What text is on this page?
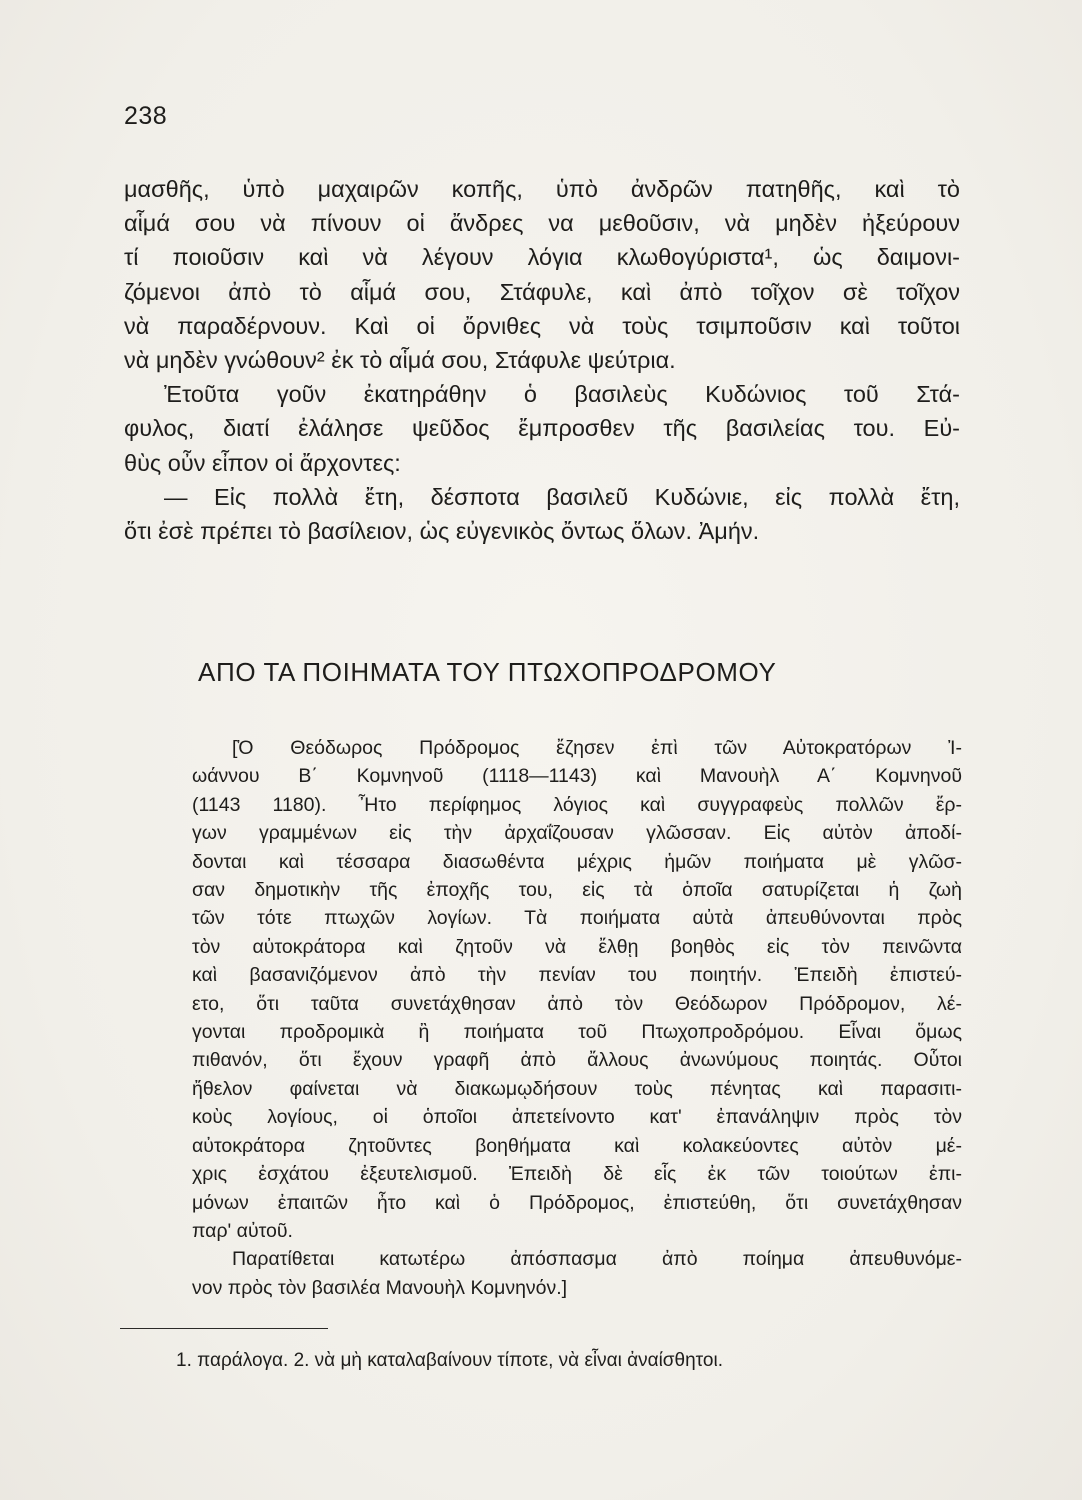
238

μασθῆς, ὑπὸ μαχαιρῶν κοπῆς, ὑπὸ ἀνδρῶν πατηθῆς, καὶ τὸ

αἷμά σου νὰ πίνουν οἱ ἄνδρες να μεθοῦσιν, νὰ μηδὲν ἠξεύρουν

τί ποιοῦσιν καὶ νὰ λέγουν λόγια κλωθογύριστα¹, ὡς δαιμονι-

ζόμενοι ἀπὸ τὸ αἷμά σου, Στάφυλε, καὶ ἀπὸ τοῖχον σὲ τοῖχον

νὰ παραδέρνουν. Καὶ οἱ ὄρνιθες νὰ τοὺς τσιμποῦσιν καὶ τοῦτοι

νὰ μηδὲν γνώθουν² ἐκ τὸ αἷμά σου, Στάφυλε ψεύτρια.

Ἐτοῦτα γοῦν ἐκατηράθην ὁ βασιλεὺς Κυδώνιος τοῦ Στά-

φυλος, διατί ἐλάλησε ψεῦδος ἔμπροσθεν τῆς βασιλείας του. Εὐ-

θὺς οὖν εἶπον οἱ ἄρχοντες:

— Εἰς πολλὰ ἔτη, δέσποτα βασιλεῦ Κυδώνιε, εἰς πολλὰ ἔτη,

ὅτι ἐσὲ πρέπει τὸ βασίλειον, ὡς εὐγενικὸς ὄντως ὅλων. Ἀμήν.

ΑΠΟ ΤΑ ΠΟΙΗΜΑΤΑ ΤΟΥ ΠΤΩΧΟΠΡΟΔΡΟΜΟΥ

[Ὁ Θεόδωρος Πρόδρομος ἔζησεν ἐπὶ τῶν Αὐτοκρατόρων Ἰ-

ωάννου Β΄ Κομνηνοῦ (1118—1143) καὶ Μανουὴλ Α΄ Κομνηνοῦ

(1143 1180). Ἦτο περίφημος λόγιος καὶ συγγραφεὺς πολλῶν ἔρ-

γων γραμμένων εἰς τὴν ἀρχαΐζουσαν γλῶσσαν. Εἰς αὐτὸν ἀποδί-

δονται καὶ τέσσαρα διασωθέντα μέχρις ἡμῶν ποιήματα μὲ γλῶσ-

σαν δημοτικὴν τῆς ἐποχῆς του, εἰς τὰ ὁποῖα σατυρίζεται ἡ ζωὴ

τῶν τότε πτωχῶν λογίων. Τὰ ποιήματα αὐτὰ ἀπευθύνονται πρὸς

τὸν αὐτοκράτορα καὶ ζητοῦν νὰ ἔλθῃ βοηθὸς εἰς τὸν πεινῶντα

καὶ βασανιζόμενον ἀπὸ τὴν πενίαν του ποιητήν. Ἐπειδὴ ἐπιστεύ-

ετο, ὅτι ταῦτα συνετάχθησαν ἀπὸ τὸν Θεόδωρον Πρόδρομον, λέ-

γονται προδρομικὰ ἢ ποιήματα τοῦ Πτωχοπροδρόμου. Εἶναι ὅμως

πιθανόν, ὅτι ἔχουν γραφῆ ἀπὸ ἄλλους ἀνωνύμους ποιητάς. Οὗτοι

ἤθελον φαίνεται νὰ διακωμῳδήσουν τοὺς πένητας καὶ παρασιτι-

κοὺς λογίους, οἱ ὁποῖοι ἀπετείνοντο κατ' ἐπανάληψιν πρὸς τὸν

αὐτοκράτορα ζητοῦντες βοηθήματα καὶ κολακεύοντες αὐτὸν μέ-

χρις ἐσχάτου ἐξευτελισμοῦ. Ἐπειδὴ δὲ εἷς ἐκ τῶν τοιούτων ἐπι-

μόνων ἐπαιτῶν ἦτο καὶ ὁ Πρόδρομος, ἐπιστεύθη, ὅτι συνετάχθησαν

παρ' αὐτοῦ.

Παρατίθεται κατωτέρω ἀπόσπασμα ἀπὸ ποίημα ἀπευθυνόμε-

νον πρὸς τὸν βασιλέα Μανουὴλ Κομνηνόν.]

1. παράλογα. 2. νὰ μὴ καταλαβαίνουν τίποτε, νὰ εἶναι ἀναίσθητοι.
